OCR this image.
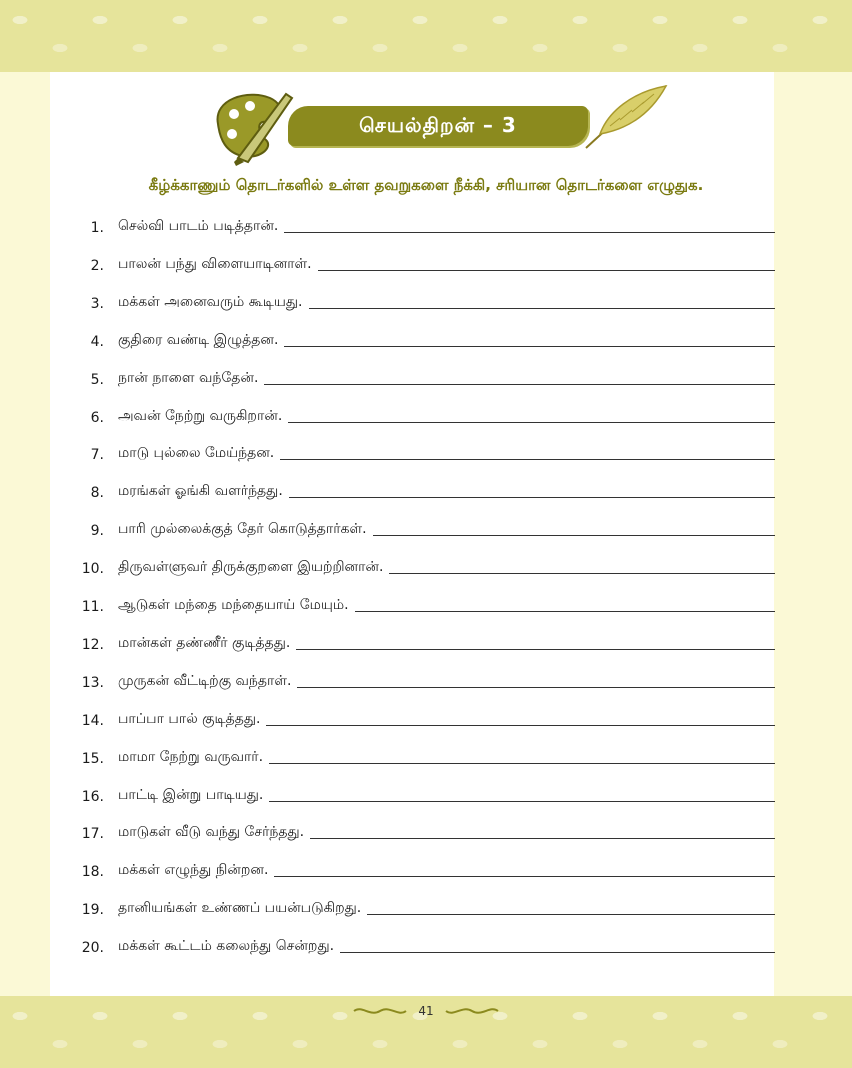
செயல்திறன் – 3
கீழ்க்காணும் தொடர்களில் உள்ள தவறுகளை நீக்கி, சரியான தொடர்களை எழுதுக.
1. செல்வி பாடம் படித்தான்.
2. பாலன் பந்து விளையாடினாள்.
3. மக்கள் அனைவரும் கூடியது.
4. குதிரை வண்டி இழுத்தன.
5. நான் நாளை வந்தேன்.
6. அவன் நேற்று வருகிறான்.
7. மாடு புல்லை மேய்ந்தன.
8. மரங்கள் ஓங்கி வளர்ந்தது.
9. பாரி முல்லைக்குத் தேர் கொடுத்தார்கள்.
10. திருவள்ளுவர் திருக்குறளை இயற்றினான்.
11. ஆடுகள் மந்தை மந்தையாய் மேயும்.
12. மான்கள் தண்ணீர் குடித்தது.
13. முருகன் வீட்டிற்கு வந்தாள்.
14. பாப்பா பால் குடித்தது.
15. மாமா நேற்று வருவார்.
16. பாட்டி இன்று பாடியது.
17. மாடுகள் வீடு வந்து சேர்ந்தது.
18. மக்கள் எழுந்து நின்றன.
19. தானியங்கள் உண்ணப் பயன்படுகிறது.
20. மக்கள் கூட்டம் கலைந்து சென்றது.
41
